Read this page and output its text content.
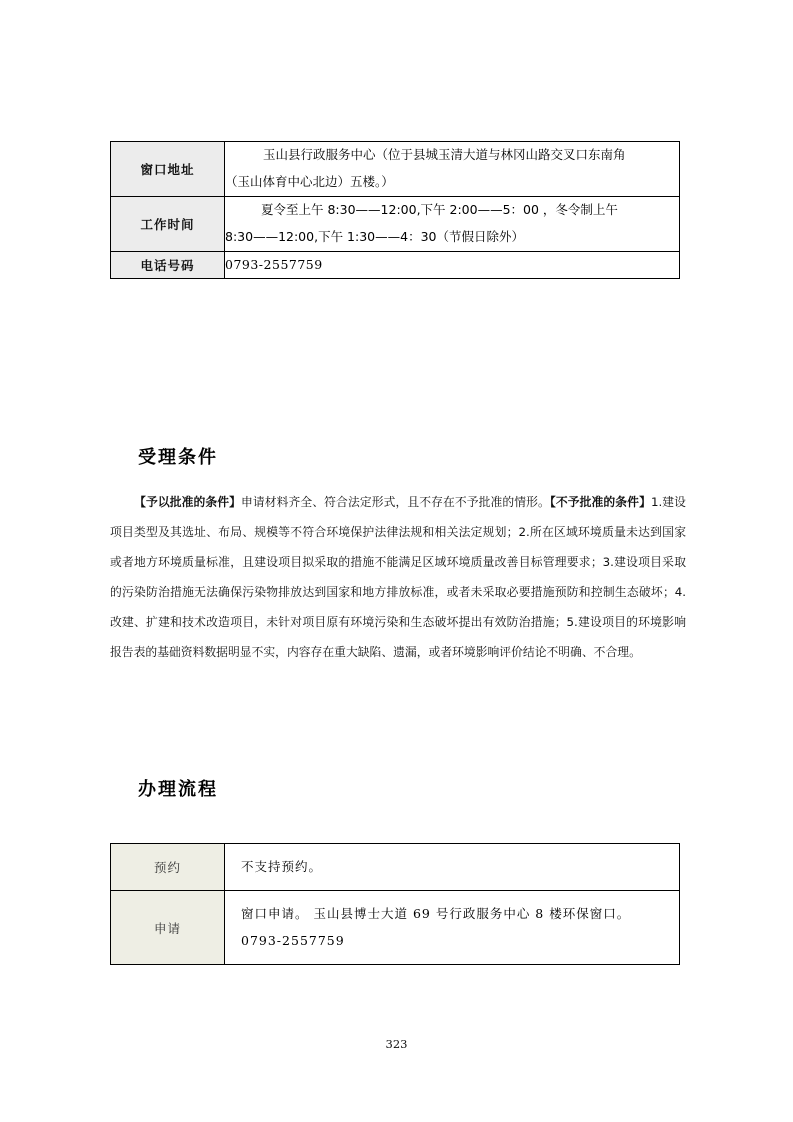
窗口地址	玉山县行政服务中心（位于县城玉清大道与林冈山路交叉口东南角
（玉山体育中心北边）五楼。）
工作时间	夏令至上午 8:30——12:00,下午 2:00——5：00 ，冬令制上午
8:30——12:00,下午 1:30——4：30（节假日除外）
电话号码	0793-2557759
受理条件
【予以批准的条件】申请材料齐全、符合法定形式，且不存在不予批准的情形。【不予批准的条件】1.建设项目类型及其选址、布局、规模等不符合环境保护法律法规和相关法定规划；2.所在区域环境质量未达到国家或者地方环境质量标准，且建设项目拟采取的措施不能满足区域环境质量改善目标管理要求；3.建设项目采取的污染防治措施无法确保污染物排放达到国家和地方排放标准，或者未采取必要措施预防和控制生态破坏；4.改建、扩建和技术改造项目，未针对项目原有环境污染和生态破坏提出有效防治措施；5.建设项目的环境影响报告表的基础资料数据明显不实，内容存在重大缺陷、遗漏，或者环境影响评价结论不明确、不合理。
办理流程
预约	不支持预约。
申请	窗口申请。 玉山县博士大道 69 号行政服务中心 8 楼环保窗口。
0793-2557759
323
